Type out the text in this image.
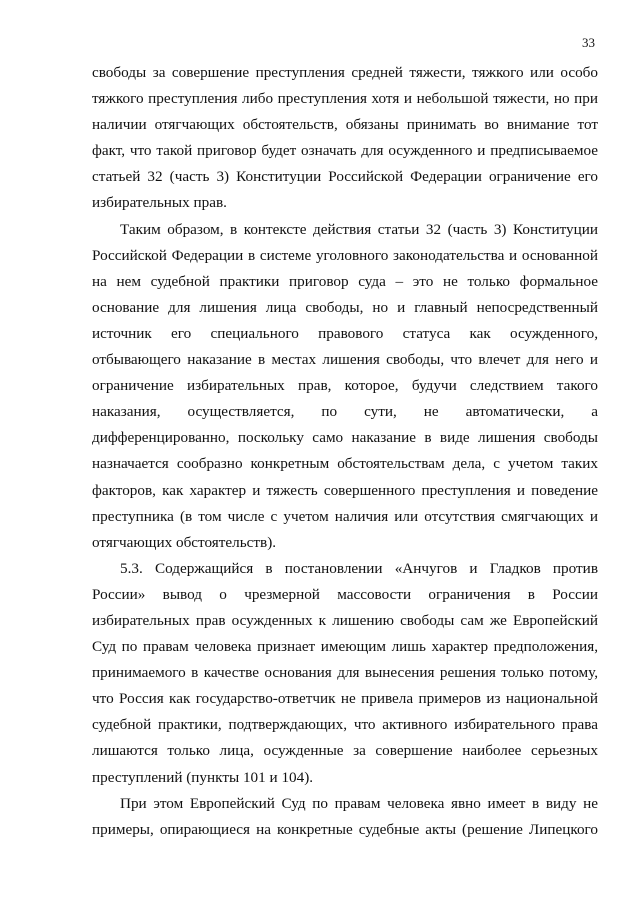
33
свободы за совершение преступления средней тяжести, тяжкого или особо
тяжкого преступления либо преступления хотя и небольшой тяжести, но при
наличии отягчающих обстоятельств, обязаны принимать во внимание тот
факт, что такой приговор будет означать для осужденного и предписываемое
статьей 32 (часть 3) Конституции Российской Федерации ограничение его
избирательных прав.
Таким образом, в контексте действия статьи 32 (часть 3) Конституции
Российской Федерации в системе уголовного законодательства и основанной
на нем судебной практики приговор суда – это не только формальное
основание для лишения лица свободы, но и главный непосредственный
источник его специального правового статуса как осужденного,
отбывающего наказание в местах лишения свободы, что влечет для него и
ограничение избирательных прав, которое, будучи следствием такого
наказания, осуществляется, по сути, не автоматически, а
дифференцированно, поскольку само наказание в виде лишения свободы
назначается сообразно конкретным обстоятельствам дела, с учетом таких
факторов, как характер и тяжесть совершенного преступления и поведение
преступника (в том числе с учетом наличия или отсутствия смягчающих и
отягчающих обстоятельств).
5.3. Содержащийся в постановлении «Анчугов и Гладков против
России» вывод о чрезмерной массовости ограничения в России
избирательных прав осужденных к лишению свободы сам же Европейский
Суд по правам человека признает имеющим лишь характер предположения,
принимаемого в качестве основания для вынесения решения только потому,
что Россия как государство-ответчик не привела примеров из национальной
судебной практики, подтверждающих, что активного избирательного права
лишаются только лица, осужденные за совершение наиболее серьезных
преступлений (пункты 101 и 104).
При этом Европейский Суд по правам человека явно имеет в виду не
примеры, опирающиеся на конкретные судебные акты (решение Липецкого
